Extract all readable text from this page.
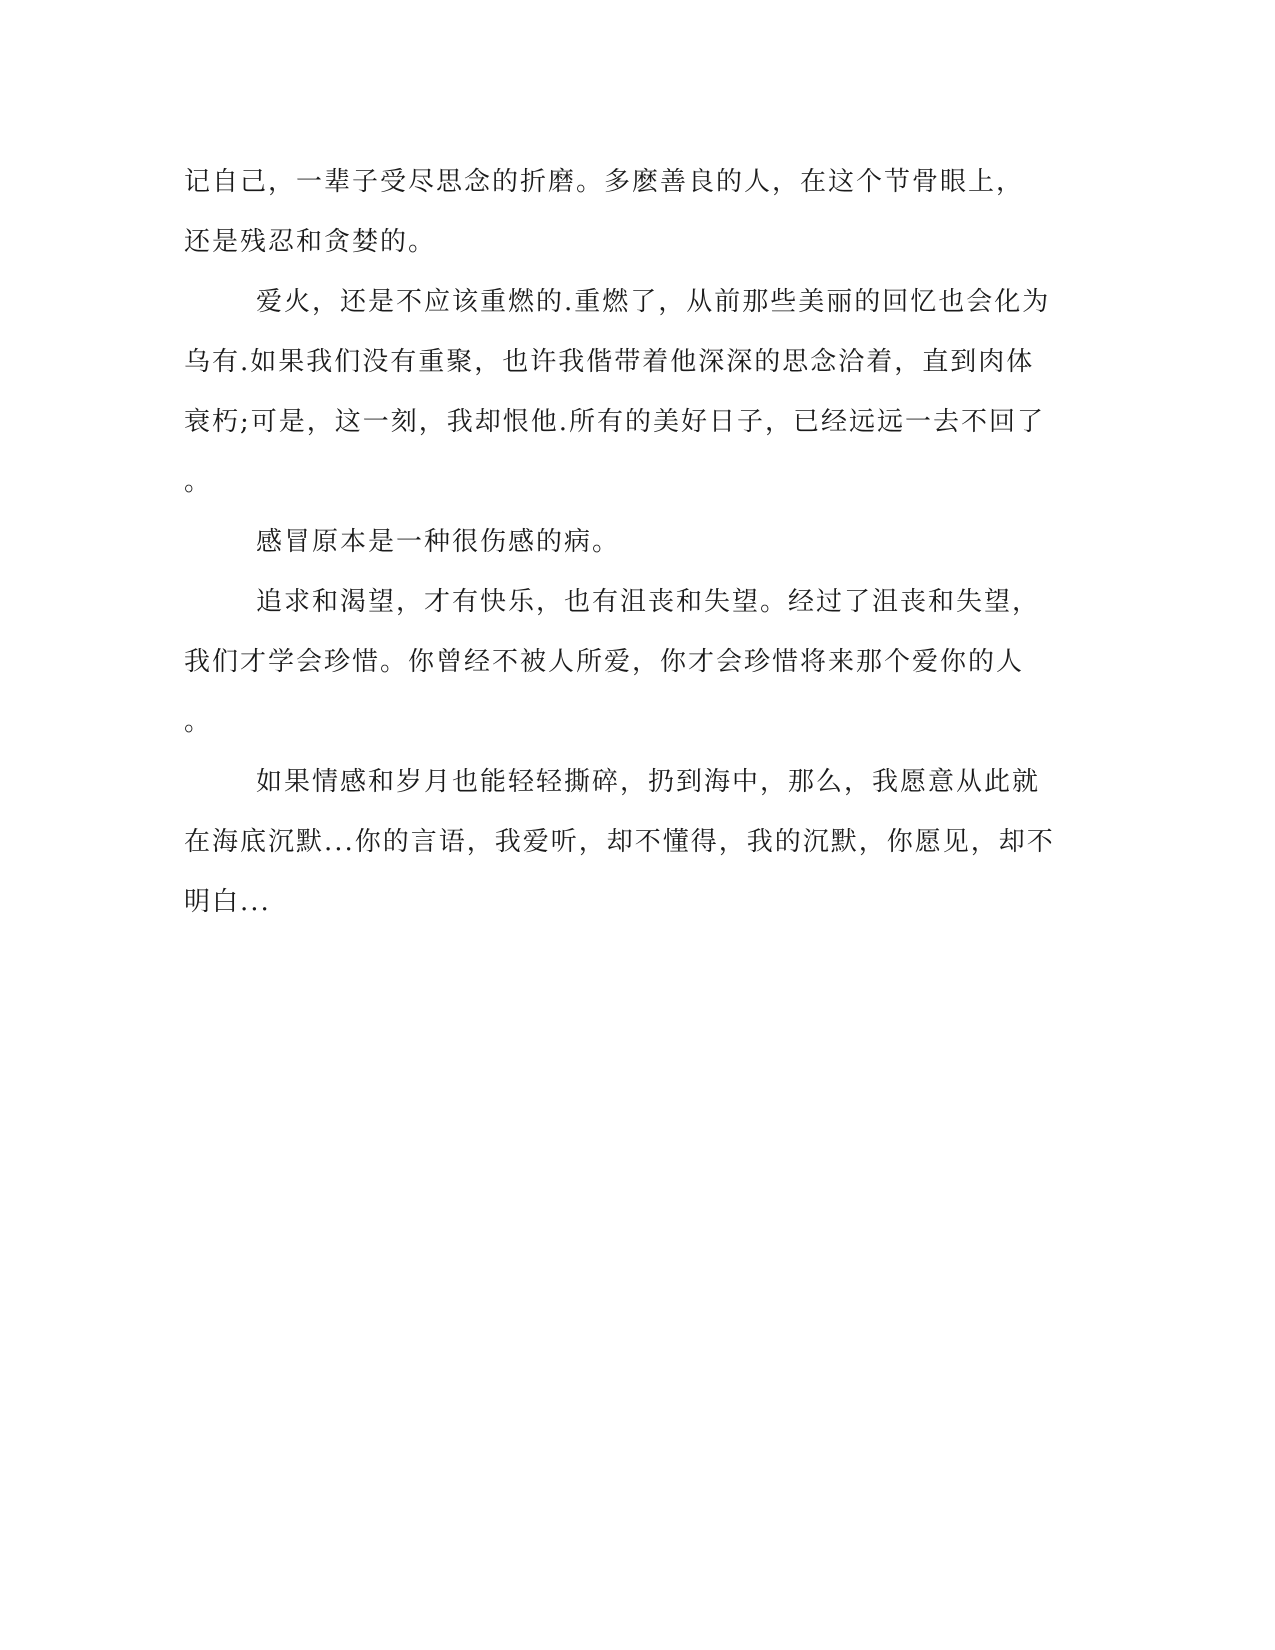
记自己，一辈子受尽思念的折磨。多麽善良的人，在这个节骨眼上，
还是残忍和贪婪的。
爱火，还是不应该重燃的.重燃了，从前那些美丽的回忆也会化为
乌有.如果我们没有重聚，也许我偕带着他深深的思念洽着，直到肉体
衰朽;可是，这一刻，我却恨他.所有的美好日子，已经远远一去不回了
。
感冒原本是一种很伤感的病。
追求和渴望，才有快乐，也有沮丧和失望。经过了沮丧和失望，
我们才学会珍惜。你曾经不被人所爱，你才会珍惜将来那个爱你的人
。
如果情感和岁月也能轻轻撕碎，扔到海中，那么，我愿意从此就
在海底沉默...你的言语，我爱听，却不懂得，我的沉默，你愿见，却不
明白...
